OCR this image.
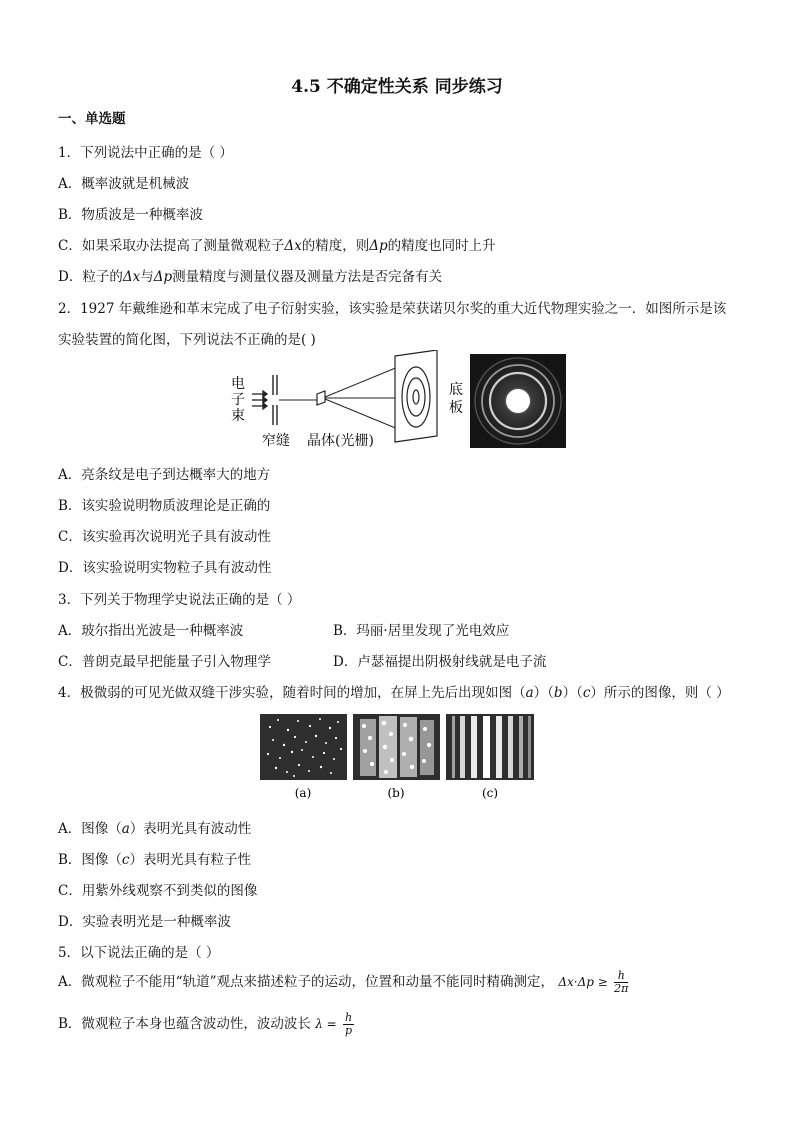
4.5 不确定性关系 同步练习
一、单选题
1．下列说法中正确的是（ ）
A．概率波就是机械波
B．物质波是一种概率波
C．如果采取办法提高了测量微观粒子Δx的精度，则Δp的精度也同时上升
D．粒子的Δx与Δp测量精度与测量仪器及测量方法是否完备有关
2．1927 年戴维逊和革末完成了电子衍射实验，该实验是荣获诺贝尔奖的重大近代物理实验之一．如图所示是该
实验装置的简化图，下列说法不正确的是( )
电
子
束
底
板
窄缝 晶体(光栅)
A．亮条纹是电子到达概率大的地方
B．该实验说明物质波理论是正确的
C．该实验再次说明光子具有波动性
D．该实验说明实物粒子具有波动性
3．下列关于物理学史说法正确的是（ ）
A．玻尔指出光波是一种概率波	B．玛丽·居里发现了光电效应
C．普朗克最早把能量子引入物理学	D．卢瑟福提出阴极射线就是电子流
4．极微弱的可见光做双缝干涉实验，随着时间的增加，在屏上先后出现如图（a）（b）（c）所示的图像，则（ ）
(a)	(b)	(c)
A．图像（a）表明光具有波动性
B．图像（c）表明光具有粒子性
C．用紫外线观察不到类似的图像
D．实验表明光是一种概率波
5．以下说法正确的是（ ）
A．微观粒子不能用“轨道”观点来描述粒子的运动，位置和动量不能同时精确测定， $\Delta x\cdot\Delta p \ge \frac{h}{2\pi}$
B．微观粒子本身也蕴含波动性，波动波长 $\lambda = \frac{h}{p}$
